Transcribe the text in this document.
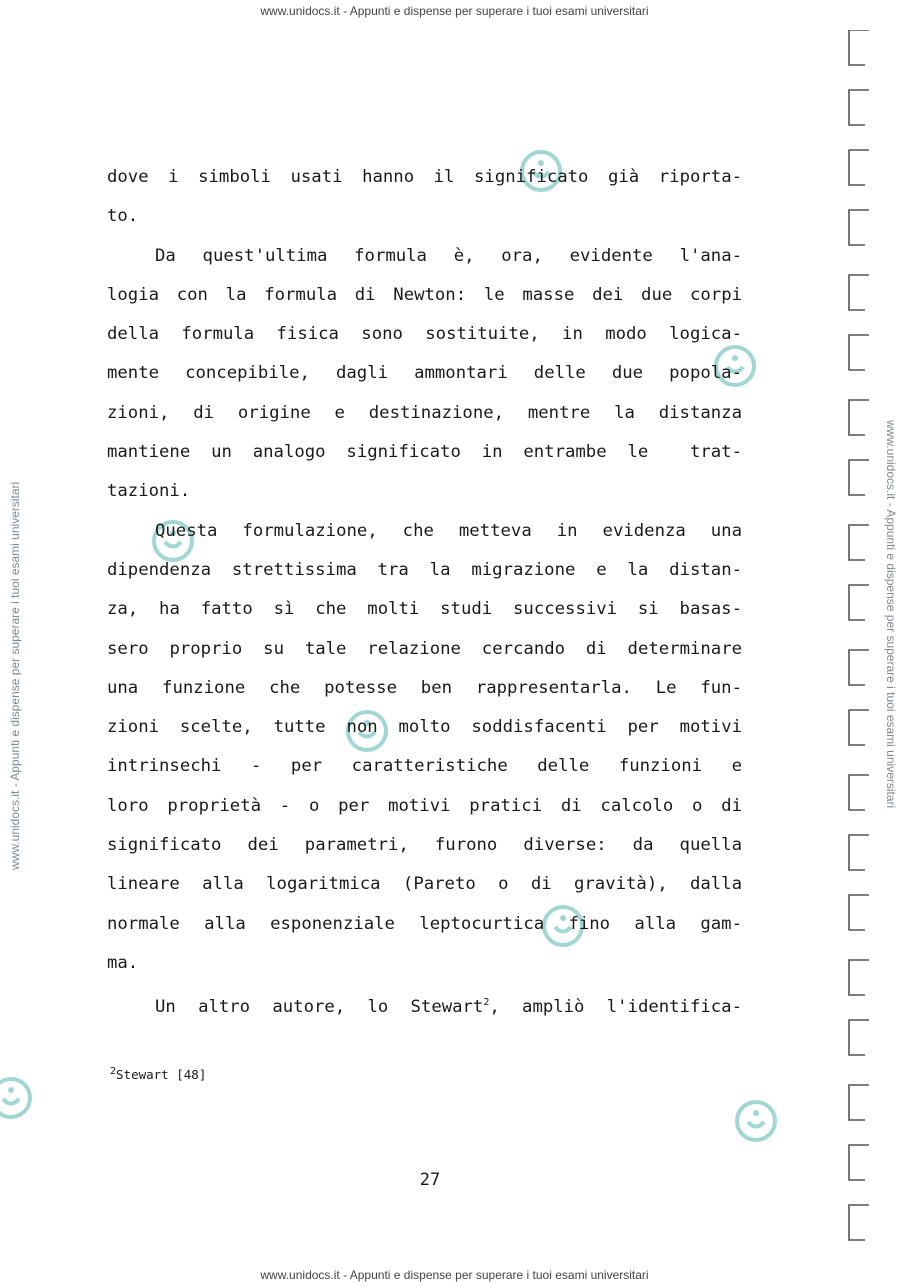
www.unidocs.it - Appunti e dispense per superare i tuoi esami universitari
www.unidocs.it - Appunti e dispense per superare i tuoi esami universitari	www.unidocs.it - Appunti e dispense per superare i tuoi esami universitari
dove i simboli usati hanno il significato già riporta-
to.
Da quest'ultima formula è, ora, evidente l'ana-
logia con la formula di Newton: le masse dei due corpi
della formula fisica sono sostituite, in modo logica-
mente concepibile, dagli ammontari delle due popola-
zioni, di origine e destinazione, mentre la distanza
mantiene un analogo significato in entrambe le  trat-
tazioni.
Questa formulazione, che metteva in evidenza una
dipendenza strettissima tra la migrazione e la distan-
za, ha fatto sì che molti studi successivi si basas-
sero proprio su tale relazione cercando di determinare
una funzione che potesse ben rappresentarla. Le fun-
zioni scelte, tutte non molto soddisfacenti per motivi
intrinsechi - per caratteristiche delle funzioni e
loro proprietà - o per motivi pratici di calcolo o di
significato dei parametri, furono diverse: da quella
lineare alla logaritmica (Pareto o di gravità), dalla
normale alla esponenziale leptocurtica fino alla gam-
ma.
Un altro autore, lo Stewart$^2$, ampliò l'identifica-
$^2$Stewart [48]
27
www.unidocs.it - Appunti e dispense per superare i tuoi esami universitari
